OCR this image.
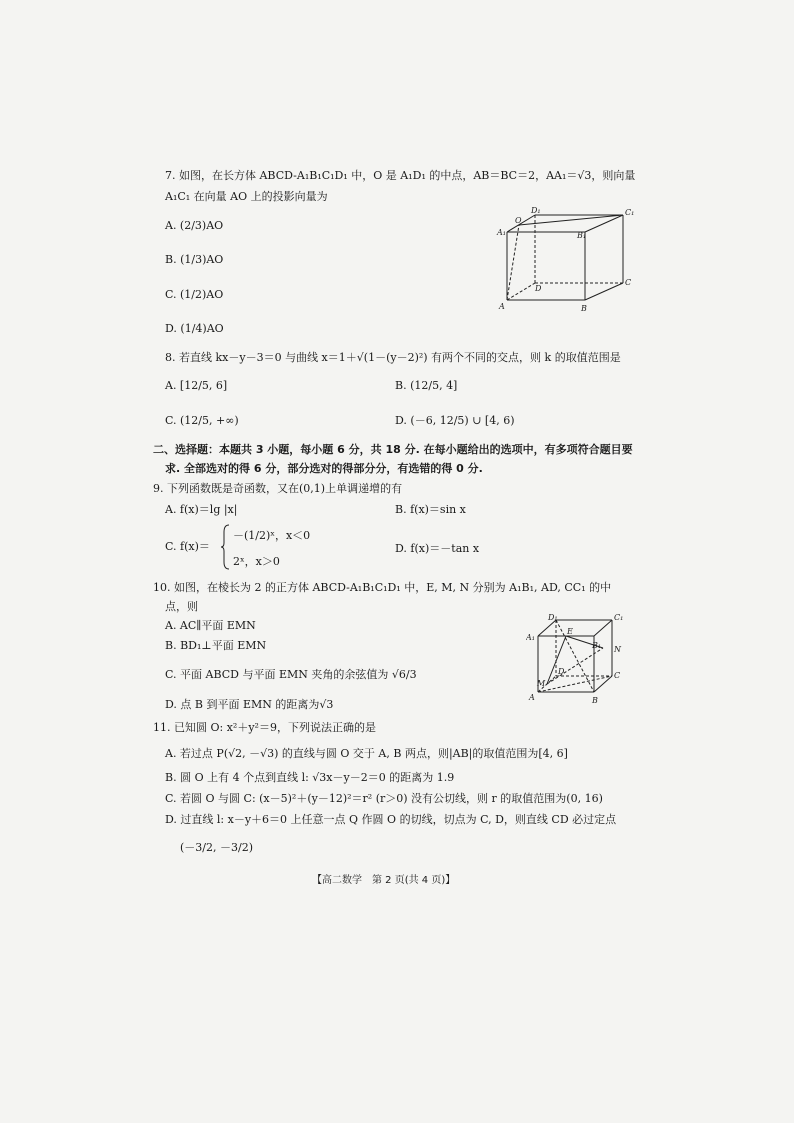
7. 如图，在长方体 ABCD-A₁B₁C₁D₁ 中，O 是 A₁D₁ 的中点，AB＝BC＝2，AA₁＝√3，则向量
A₁C₁ 在向量 AO 上的投影向量为
A. (2/3)AO
B. (1/3)AO
C. (1/2)AO
D. (1/4)AO
O
D₁	C₁
A₁	B₁
D
C
A	B
8. 若直线 kx－y－3＝0 与曲线 x＝1＋√(1－(y－2)²) 有两个不同的交点，则 k 的取值范围是
A. [12/5, 6]	B. (12/5, 4]
C. (12/5, +∞)	D. (－6, 12/5) ∪ [4, 6)
二、选择题：本题共 3 小题，每小题 6 分，共 18 分. 在每小题给出的选项中，有多项符合题目要
求. 全部选对的得 6 分，部分选对的得部分分，有选错的得 0 分.
9. 下列函数既是奇函数，又在(0,1)上单调递增的有
A. f(x)＝lg |x|	B. f(x)＝sin x
C. f(x)＝
－(1/2)ˣ，x＜0
2ˣ，x＞0
D. f(x)＝－tan x
10. 如图，在棱长为 2 的正方体 ABCD-A₁B₁C₁D₁ 中，E, M, N 分别为 A₁B₁, AD, CC₁ 的中
点，则
A. AC∥平面 EMN
B. BD₁⊥平面 EMN
C. 平面 ABCD 与平面 EMN 夹角的余弦值为 √6/3
D. 点 B 到平面 EMN 的距离为√3
D₁	C₁
A₁
E
B₁ N
D	C
M
A	B
11. 已知圆 O: x²＋y²＝9，下列说法正确的是
A. 若过点 P(√2, －√3) 的直线与圆 O 交于 A, B 两点，则|AB|的取值范围为[4, 6]
B. 圆 O 上有 4 个点到直线 l: √3x－y－2＝0 的距离为 1.9
C. 若圆 O 与圆 C: (x－5)²＋(y－12)²＝r² (r＞0) 没有公切线，则 r 的取值范围为(0, 16)
D. 过直线 l: x－y＋6＝0 上任意一点 Q 作圆 O 的切线，切点为 C, D，则直线 CD 必过定点
(－3/2, －3/2)
【高二数学　第 2 页(共 4 页)】
